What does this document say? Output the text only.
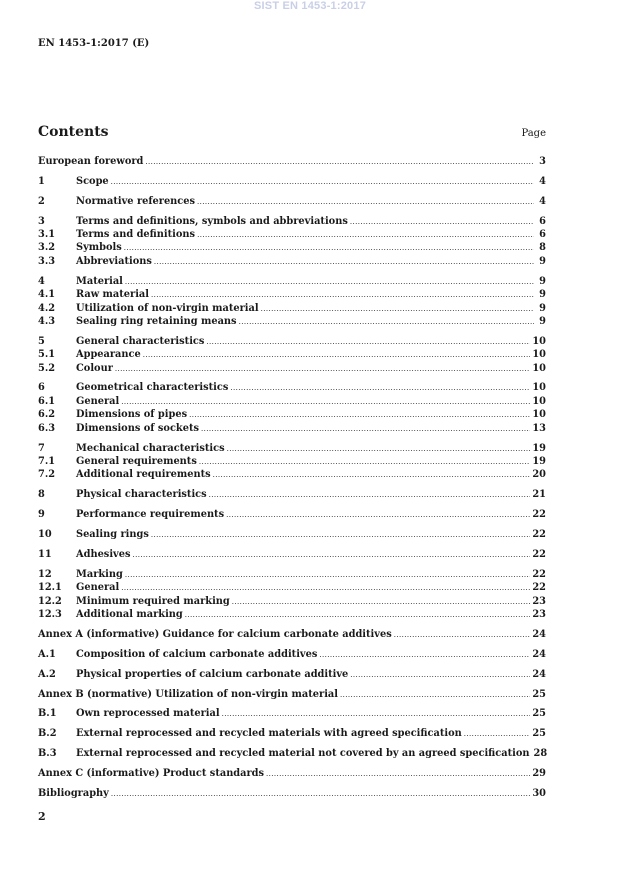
SIST EN 1453-1:2017
EN 1453-1:2017 (E)
Contents	Page
European foreword .....	3
1	Scope .....	4
2	Normative references .....	4
3	Terms and definitions, symbols and abbreviations .....	6
3.1	Terms and definitions .....	6
3.2	Symbols .....	8
3.3	Abbreviations .....	9
4	Material .....	9
4.1	Raw material .....	9
4.2	Utilization of non-virgin material .....	9
4.3	Sealing ring retaining means .....	9
5	General characteristics .....	10
5.1	Appearance .....	10
5.2	Colour .....	10
6	Geometrical characteristics .....	10
6.1	General .....	10
6.2	Dimensions of pipes .....	10
6.3	Dimensions of sockets .....	13
7	Mechanical characteristics .....	19
7.1	General requirements .....	19
7.2	Additional requirements .....	20
8	Physical characteristics .....	21
9	Performance requirements .....	22
10	Sealing rings .....	22
11	Adhesives .....	22
12	Marking .....	22
12.1	General .....	22
12.2	Minimum required marking .....	23
12.3	Additional marking .....	23
Annex A (informative) Guidance for calcium carbonate additives .....	24
A.1	Composition of calcium carbonate additives .....	24
A.2	Physical properties of calcium carbonate additive .....	24
Annex B (normative) Utilization of non-virgin material .....	25
B.1	Own reprocessed material .....	25
B.2	External reprocessed and recycled materials with agreed specification .....	25
B.3	External reprocessed and recycled material not covered by an agreed specification 28
Annex C (informative) Product standards .....	29
Bibliography .....	30
2
